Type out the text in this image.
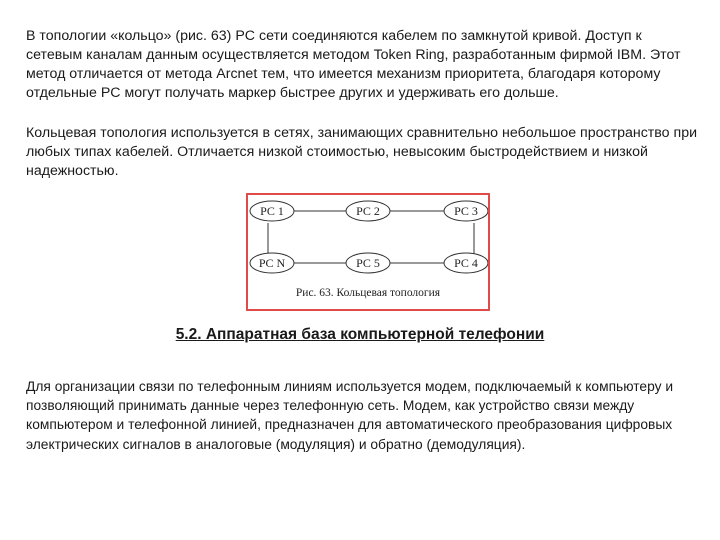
В топологии «кольцо» (рис. 63) PC сети соединяются кабелем по замкнутой кривой. Доступ к сетевым каналам данным осуществляется методом Token Ring, разработанным фирмой IBM. Этот метод отличается от метода Arcnet тем, что имеется механизм приоритета, благодаря которому отдельные PC могут получать маркер быстрее других и удерживать его дольше.

Кольцевая топология используется в сетях, занимающих сравнительно небольшое пространство при любых типах кабелей. Отличается низкой стоимостью, невысоким быстродействием и низкой надежностью.

PC 1	PC 2	PC 3
PC N	PC 5	PC 4
Рис. 63. Кольцевая топология
5.2. Аппаратная база компьютерной телефонии

Для организации связи по телефонным линиям используется модем, подключаемый к компьютеру и позволяющий принимать данные через телефонную сеть. Модем, как устройство связи между компьютером и телефонной линией, предназначен для автоматического преобразования цифровых электрических сигналов в аналоговые (модуляция) и обратно (демодуляция).
